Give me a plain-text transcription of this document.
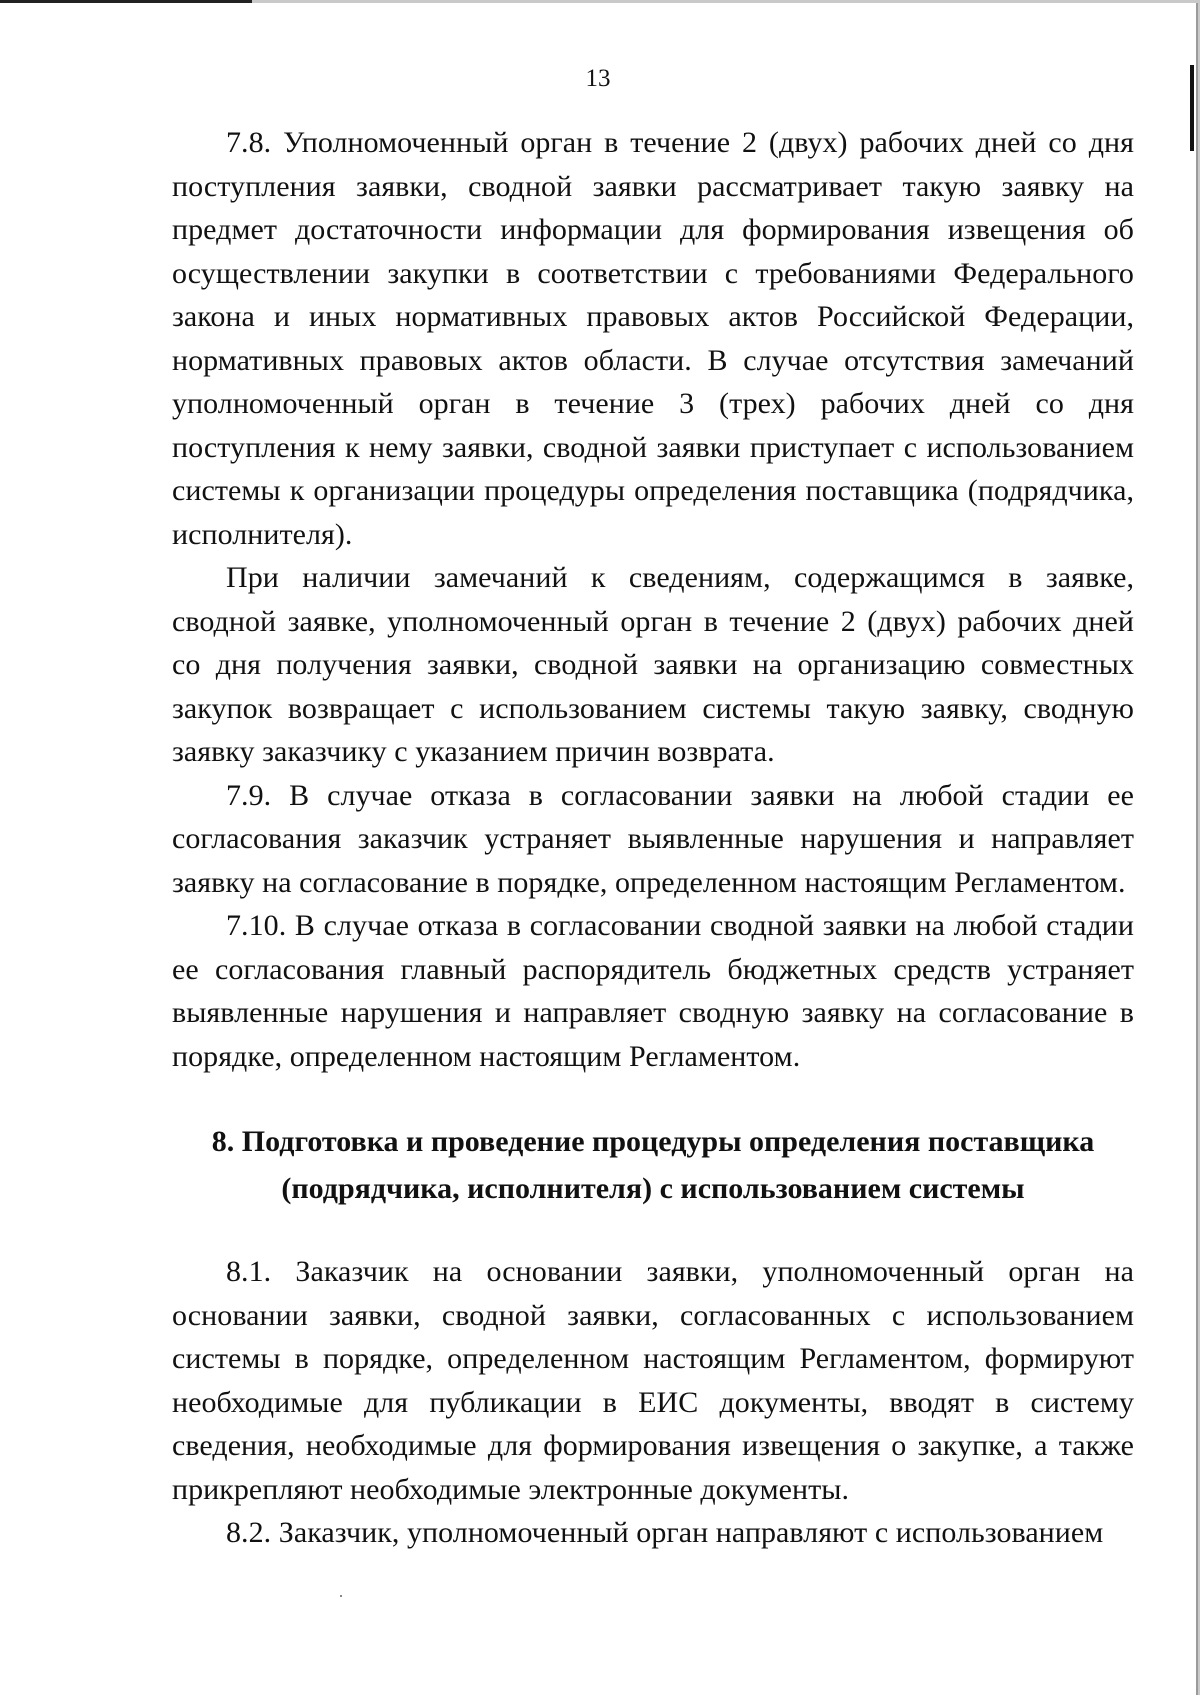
13

7.8. Уполномоченный орган в течение 2 (двух) рабочих дней со дня поступления заявки, сводной заявки рассматривает такую заявку на предмет достаточности информации для формирования извещения об осуществлении закупки в соответствии с требованиями Федерального закона и иных нормативных правовых актов Российской Федерации, нормативных правовых актов области. В случае отсутствия замечаний уполномоченный орган в течение 3 (трех) рабочих дней со дня поступления к нему заявки, сводной заявки приступает с использованием системы к организации процедуры определения поставщика (подрядчика, исполнителя).

При наличии замечаний к сведениям, содержащимся в заявке, сводной заявке, уполномоченный орган в течение 2 (двух) рабочих дней со дня получения заявки, сводной заявки на организацию совместных закупок возвращает с использованием системы такую заявку, сводную заявку заказчику с указанием причин возврата.

7.9. В случае отказа в согласовании заявки на любой стадии ее согласования заказчик устраняет выявленные нарушения и направляет заявку на согласование в порядке, определенном настоящим Регламентом.

7.10. В случае отказа в согласовании сводной заявки на любой стадии ее согласования главный распорядитель бюджетных средств устраняет выявленные нарушения и направляет сводную заявку на согласование в порядке, определенном настоящим Регламентом.

8. Подготовка и проведение процедуры определения поставщика
(подрядчика, исполнителя) с использованием системы

8.1. Заказчик на основании заявки, уполномоченный орган на основании заявки, сводной заявки, согласованных с использованием системы в порядке, определенном настоящим Регламентом, формируют необходимые для публикации в ЕИС документы, вводят в систему сведения, необходимые для формирования извещения о закупке, а также прикрепляют необходимые электронные документы.

8.2. Заказчик, уполномоченный орган направляют с использованием
